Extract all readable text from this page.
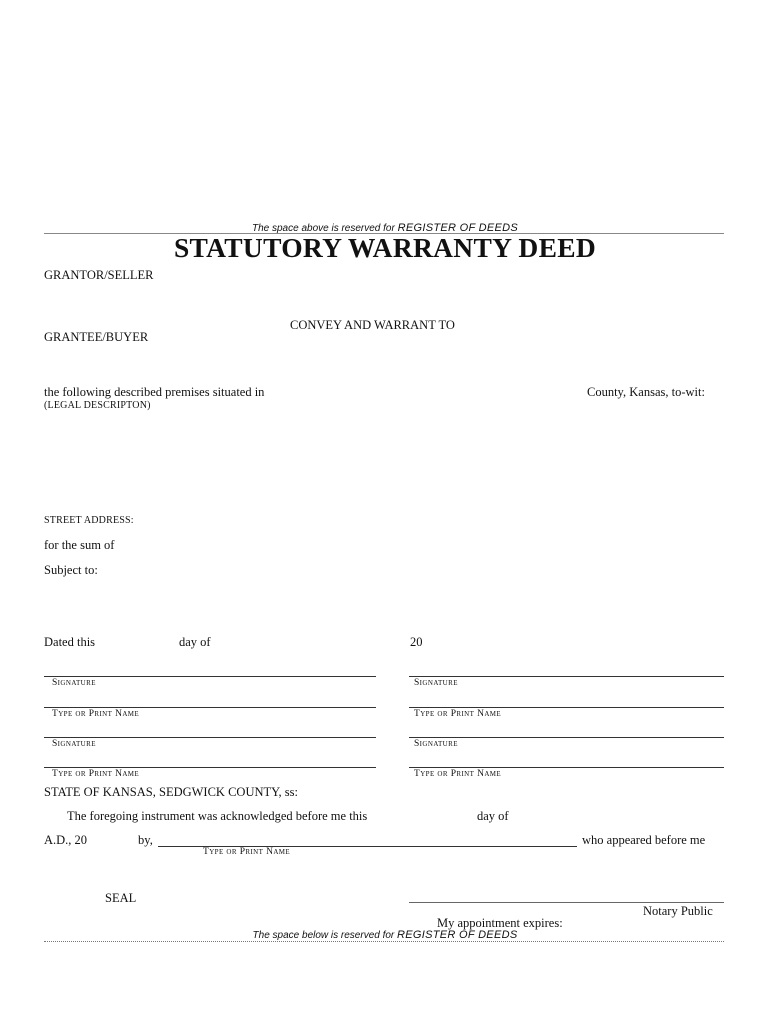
The space above is reserved for REGISTER OF DEEDS
STATUTORY WARRANTY DEED
GRANTOR/SELLER
CONVEY AND WARRANT TO
GRANTEE/BUYER
the following described premises situated in	County, Kansas, to-wit:
(LEGAL DESCRIPTON)
STREET ADDRESS:
for the sum of
Subject to:
Dated this	day of	20
Signature
Type or Print Name
Signature
Type or Print Name
Signature
Type or Print Name
Signature
Type or Print Name
STATE OF KANSAS, SEDGWICK COUNTY, ss:
The foregoing instrument was acknowledged before me this	day of
A.D., 20	by,	who appeared before me
Type or Print Name
SEAL
Notary Public
My appointment expires:
The space below is reserved for REGISTER OF DEEDS
